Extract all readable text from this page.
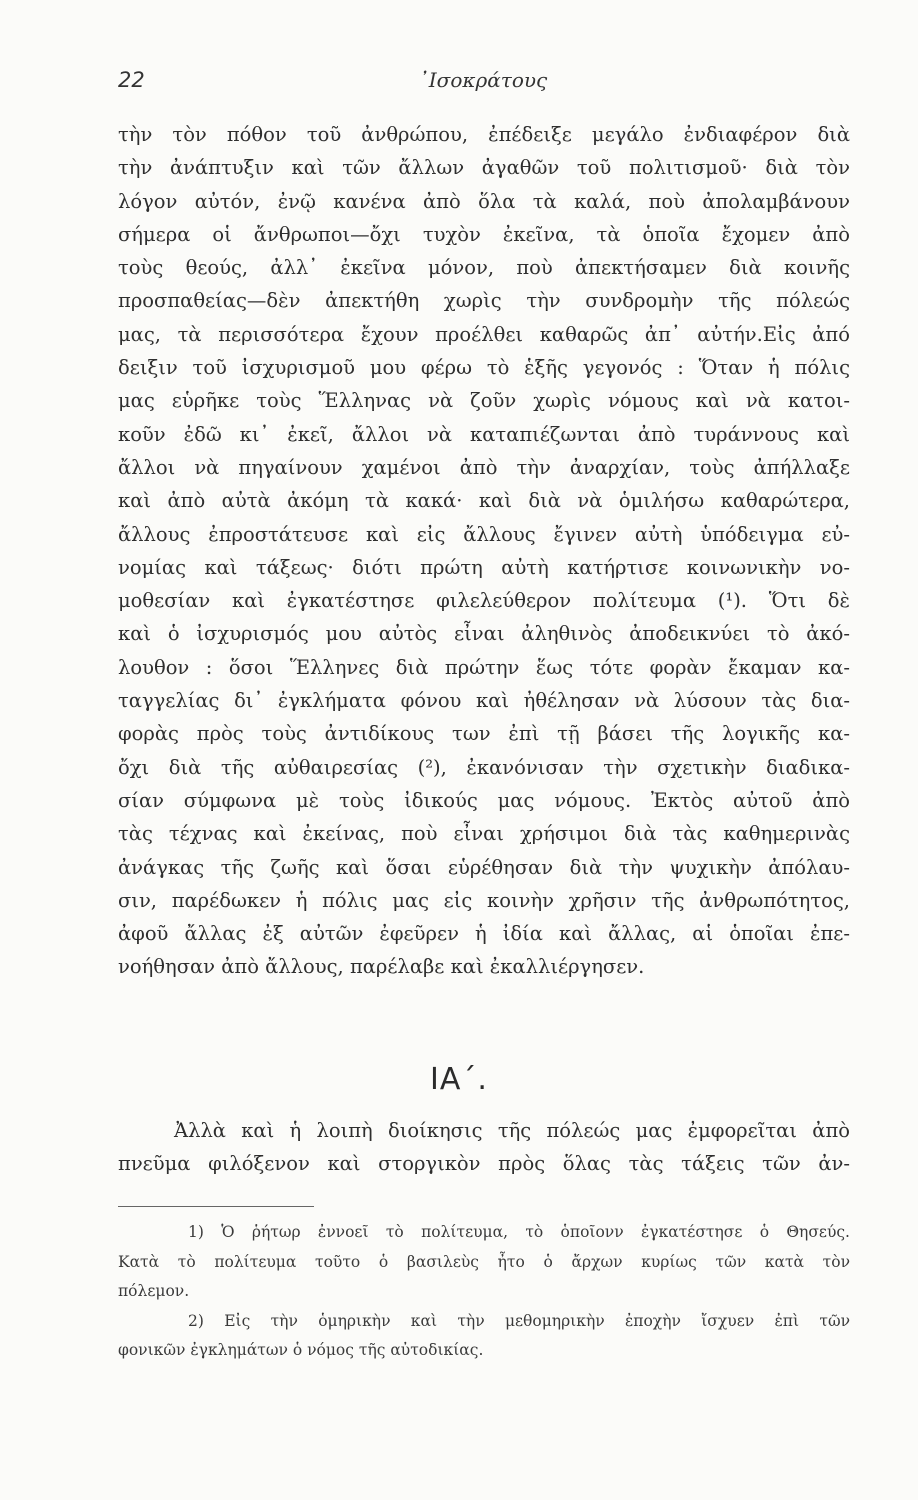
22	᾿Ισοκράτους
τὴν τὸν πόθον τοῦ ἀνθρώπου, ἐπέδειξε μεγάλο ἐνδιαφέρον διὰ
τὴν ἀνάπτυξιν καὶ τῶν ἄλλων ἀγαθῶν τοῦ πολιτισμοῦ· διὰ τὸν
λόγον αὐτόν, ἐνῷ κανένα ἀπὸ ὅλα τὰ καλά, ποὺ ἀπολαμβάνουν
σήμερα οἱ ἄνθρωποι—ὄχι τυχὸν ἐκεῖνα, τὰ ὁποῖα ἔχομεν ἀπὸ
τοὺς θεούς, ἀλλ᾿ ἐκεῖνα μόνον, ποὺ ἀπεκτήσαμεν διὰ κοινῆς
προσπαθείας—δὲν ἀπεκτήθη χωρὶς τὴν συνδρομὴν τῆς πόλεώς
μας, τὰ περισσότερα ἔχουν προέλθει καθαρῶς ἀπ᾿ αὐτήν.Εἰς ἀπό
δειξιν τοῦ ἰσχυρισμοῦ μου φέρω τὸ ἑξῆς γεγονός : Ὅταν ἡ πόλις
μας εὑρῆκε τοὺς Ἕλληνας νὰ ζοῦν χωρὶς νόμους καὶ νὰ κατοι-
κοῦν ἐδῶ κι᾿ ἐκεῖ, ἄλλοι νὰ καταπιέζωνται ἀπὸ τυράννους καὶ
ἄλλοι νὰ πηγαίνουν χαμένοι ἀπὸ τὴν ἀναρχίαν, τοὺς ἀπήλλαξε
καὶ ἀπὸ αὐτὰ ἀκόμη τὰ κακά· καὶ διὰ νὰ ὁμιλήσω καθαρώτερα,
ἄλλους ἐπροστάτευσε καὶ εἰς ἄλλους ἔγινεν αὐτὴ ὑπόδειγμα εὐ-
νομίας καὶ τάξεως· διότι πρώτη αὐτὴ κατήρτισε κοινωνικὴν νο-
μοθεσίαν καὶ ἐγκατέστησε φιλελεύθερον πολίτευμα (¹). Ὅτι δὲ
καὶ ὁ ἰσχυρισμός μου αὐτὸς εἶναι ἀληθινὸς ἀποδεικνύει τὸ ἀκό-
λουθον : ὅσοι Ἕλληνες διὰ πρώτην ἕως τότε φορὰν ἔκαμαν κα-
ταγγελίας δι᾿ ἐγκλήματα φόνου καὶ ἠθέλησαν νὰ λύσουν τὰς δια-
φορὰς πρὸς τοὺς ἀντιδίκους των ἐπὶ τῇ βάσει τῆς λογικῆς κα-
ὄχι διὰ τῆς αὐθαιρεσίας (²), ἐκανόνισαν τὴν σχετικὴν διαδικα-
σίαν σύμφωνα μὲ τοὺς ἰδικούς μας νόμους. Ἐκτὸς αὐτοῦ ἀπὸ
τὰς τέχνας καὶ ἐκείνας, ποὺ εἶναι χρήσιμοι διὰ τὰς καθημερινὰς
ἀνάγκας τῆς ζωῆς καὶ ὅσαι εὑρέθησαν διὰ τὴν ψυχικὴν ἀπόλαυ-
σιν, παρέδωκεν ἡ πόλις μας εἰς κοινὴν χρῆσιν τῆς ἀνθρωπότητος,
ἀφοῦ ἄλλας ἐξ αὐτῶν ἐφεῦρεν ἡ ἰδία καὶ ἄλλας, αἱ ὁποῖαι ἐπε-
νοήθησαν ἀπὸ ἄλλους, παρέλαβε καὶ ἐκαλλιέργησεν.
ΙΑ΄.
Ἀλλὰ καὶ ἡ λοιπὴ διοίκησις τῆς πόλεώς μας ἐμφορεῖται ἀπὸ
πνεῦμα φιλόξενον καὶ στοργικὸν πρὸς ὅλας τὰς τάξεις τῶν ἀν-
1) Ὁ ῥήτωρ ἐννοεῖ τὸ πολίτευμα, τὸ ὁποῖονν ἐγκατέστησε ὁ Θησεύς.
Κατὰ τὸ πολίτευμα τοῦτο ὁ βασιλεὺς ἦτο ὁ ἄρχων κυρίως τῶν κατὰ τὸν
πόλεμον.
2) Εἰς τὴν ὁμηρικὴν καὶ τὴν μεθομηρικὴν ἐποχὴν ἴσχυεν ἐπὶ τῶν
φονικῶν ἐγκλημάτων ὁ νόμος τῆς αὐτοδικίας.
